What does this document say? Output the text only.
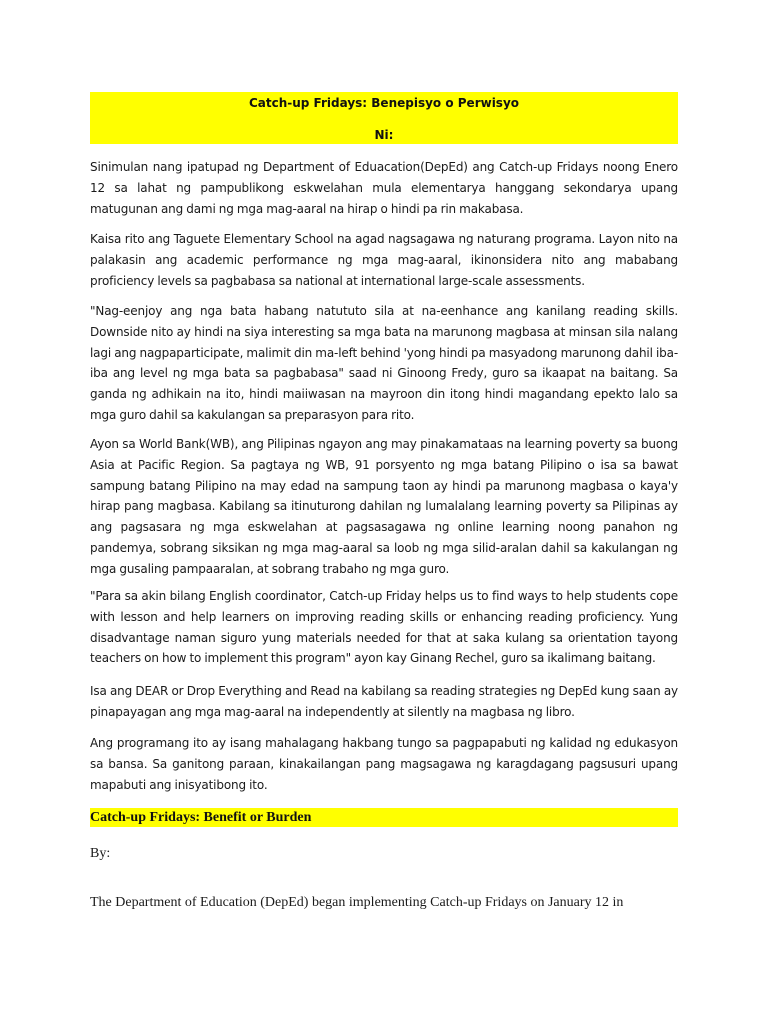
Catch-up Fridays: Benepisyo o Perwisyo
Ni:

Sinimulan nang ipatupad ng Department of Eduacation(DepEd) ang Catch-up Fridays noong Enero 12 sa lahat ng pampublikong eskwelahan mula elementarya hanggang sekondarya upang matugunan ang dami ng mga mag-aaral na hirap o hindi pa rin makabasa.

Kaisa rito ang Taguete Elementary School na agad nagsagawa ng naturang programa. Layon nito na palakasin ang academic performance ng mga mag-aaral, ikinonsidera nito ang mababang proficiency levels sa pagbabasa sa national at international large-scale assessments.

"Nag-eenjoy ang nga bata habang natututo sila at na-eenhance ang kanilang reading skills. Downside nito ay hindi na siya interesting sa mga bata na marunong magbasa at minsan sila nalang lagi ang nagpaparticipate, malimit din ma-left behind 'yong hindi pa masyadong marunong dahil iba-iba ang level ng mga bata sa pagbabasa" saad ni Ginoong Fredy, guro sa ikaapat na baitang. Sa ganda ng adhikain na ito, hindi maiiwasan na mayroon din itong hindi magandang epekto lalo sa mga guro dahil sa kakulangan sa preparasyon para rito.

Ayon sa World Bank(WB), ang Pilipinas ngayon ang may pinakamataas na learning poverty sa buong Asia at Pacific Region. Sa pagtaya ng WB, 91 porsyento ng mga batang Pilipino o isa sa bawat sampung batang Pilipino na may edad na sampung taon ay hindi pa marunong magbasa o kaya'y hirap pang magbasa. Kabilang sa itinuturong dahilan ng lumalalang learning poverty sa Pilipinas ay ang pagsasara ng mga eskwelahan at pagsasagawa ng online learning noong panahon ng pandemya, sobrang siksikan ng mga mag-aaral sa loob ng mga silid-aralan dahil sa kakulangan ng mga gusaling pampaaralan, at sobrang trabaho ng mga guro.

"Para sa akin bilang English coordinator, Catch-up Friday helps us to find ways to help students cope with lesson and help learners on improving reading skills or enhancing reading proficiency. Yung disadvantage naman siguro yung materials needed for that at saka kulang sa orientation tayong teachers on how to implement this program" ayon kay Ginang Rechel, guro sa ikalimang baitang.

Isa ang DEAR or Drop Everything and Read na kabilang sa reading strategies ng DepEd kung saan ay pinapayagan ang mga mag-aaral na independently at silently na magbasa ng libro.

Ang programang ito ay isang mahalagang hakbang tungo sa pagpapabuti ng kalidad ng edukasyon sa bansa. Sa ganitong paraan, kinakailangan pang magsagawa ng karagdagang pagsusuri upang mapabuti ang inisyatibong ito.

Catch-up Fridays: Benefit or Burden
By:
The Department of Education (DepEd) began implementing Catch-up Fridays on January 12 in
